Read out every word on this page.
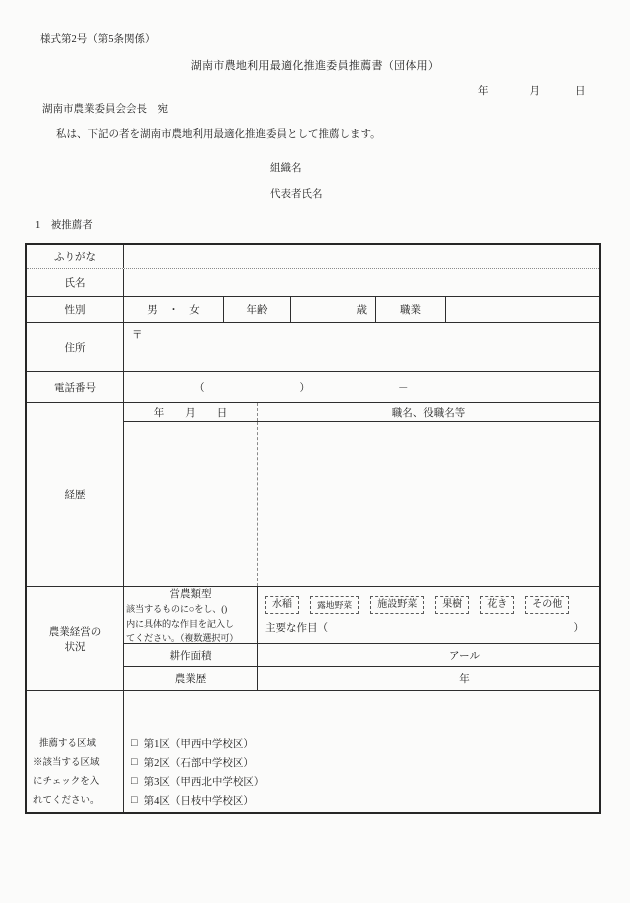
様式第2号（第5条関係）
湖南市農地利用最適化推進委員推薦書（団体用）
年	月	日
湖南市農業委員会会長　宛
私は、下記の者を湖南市農地利用最適化推進委員として推薦します。
組織名
代表者氏名
1　被推薦者
ふりがな
氏名
性別	男　・　女	年齢	歳	職業
住所
〒
電話番号	（	）	－
経歴
年　　月　　日	職名、役職名等
農業経営の
状況
営農類型
該当するものに○をし、()
内に具体的な作目を記入し
てください。（複数選択可）
水稲	露地野菜	施設野菜	果樹	花き	その他
主要な作目（	）
耕作面積	アール
農業歴	年
推薦する区域
※該当する区域
にチェックを入
れてください。
□ 第1区（甲西中学校区）
□ 第2区（石部中学校区）
□ 第3区（甲西北中学校区）
□ 第4区（日枝中学校区）
